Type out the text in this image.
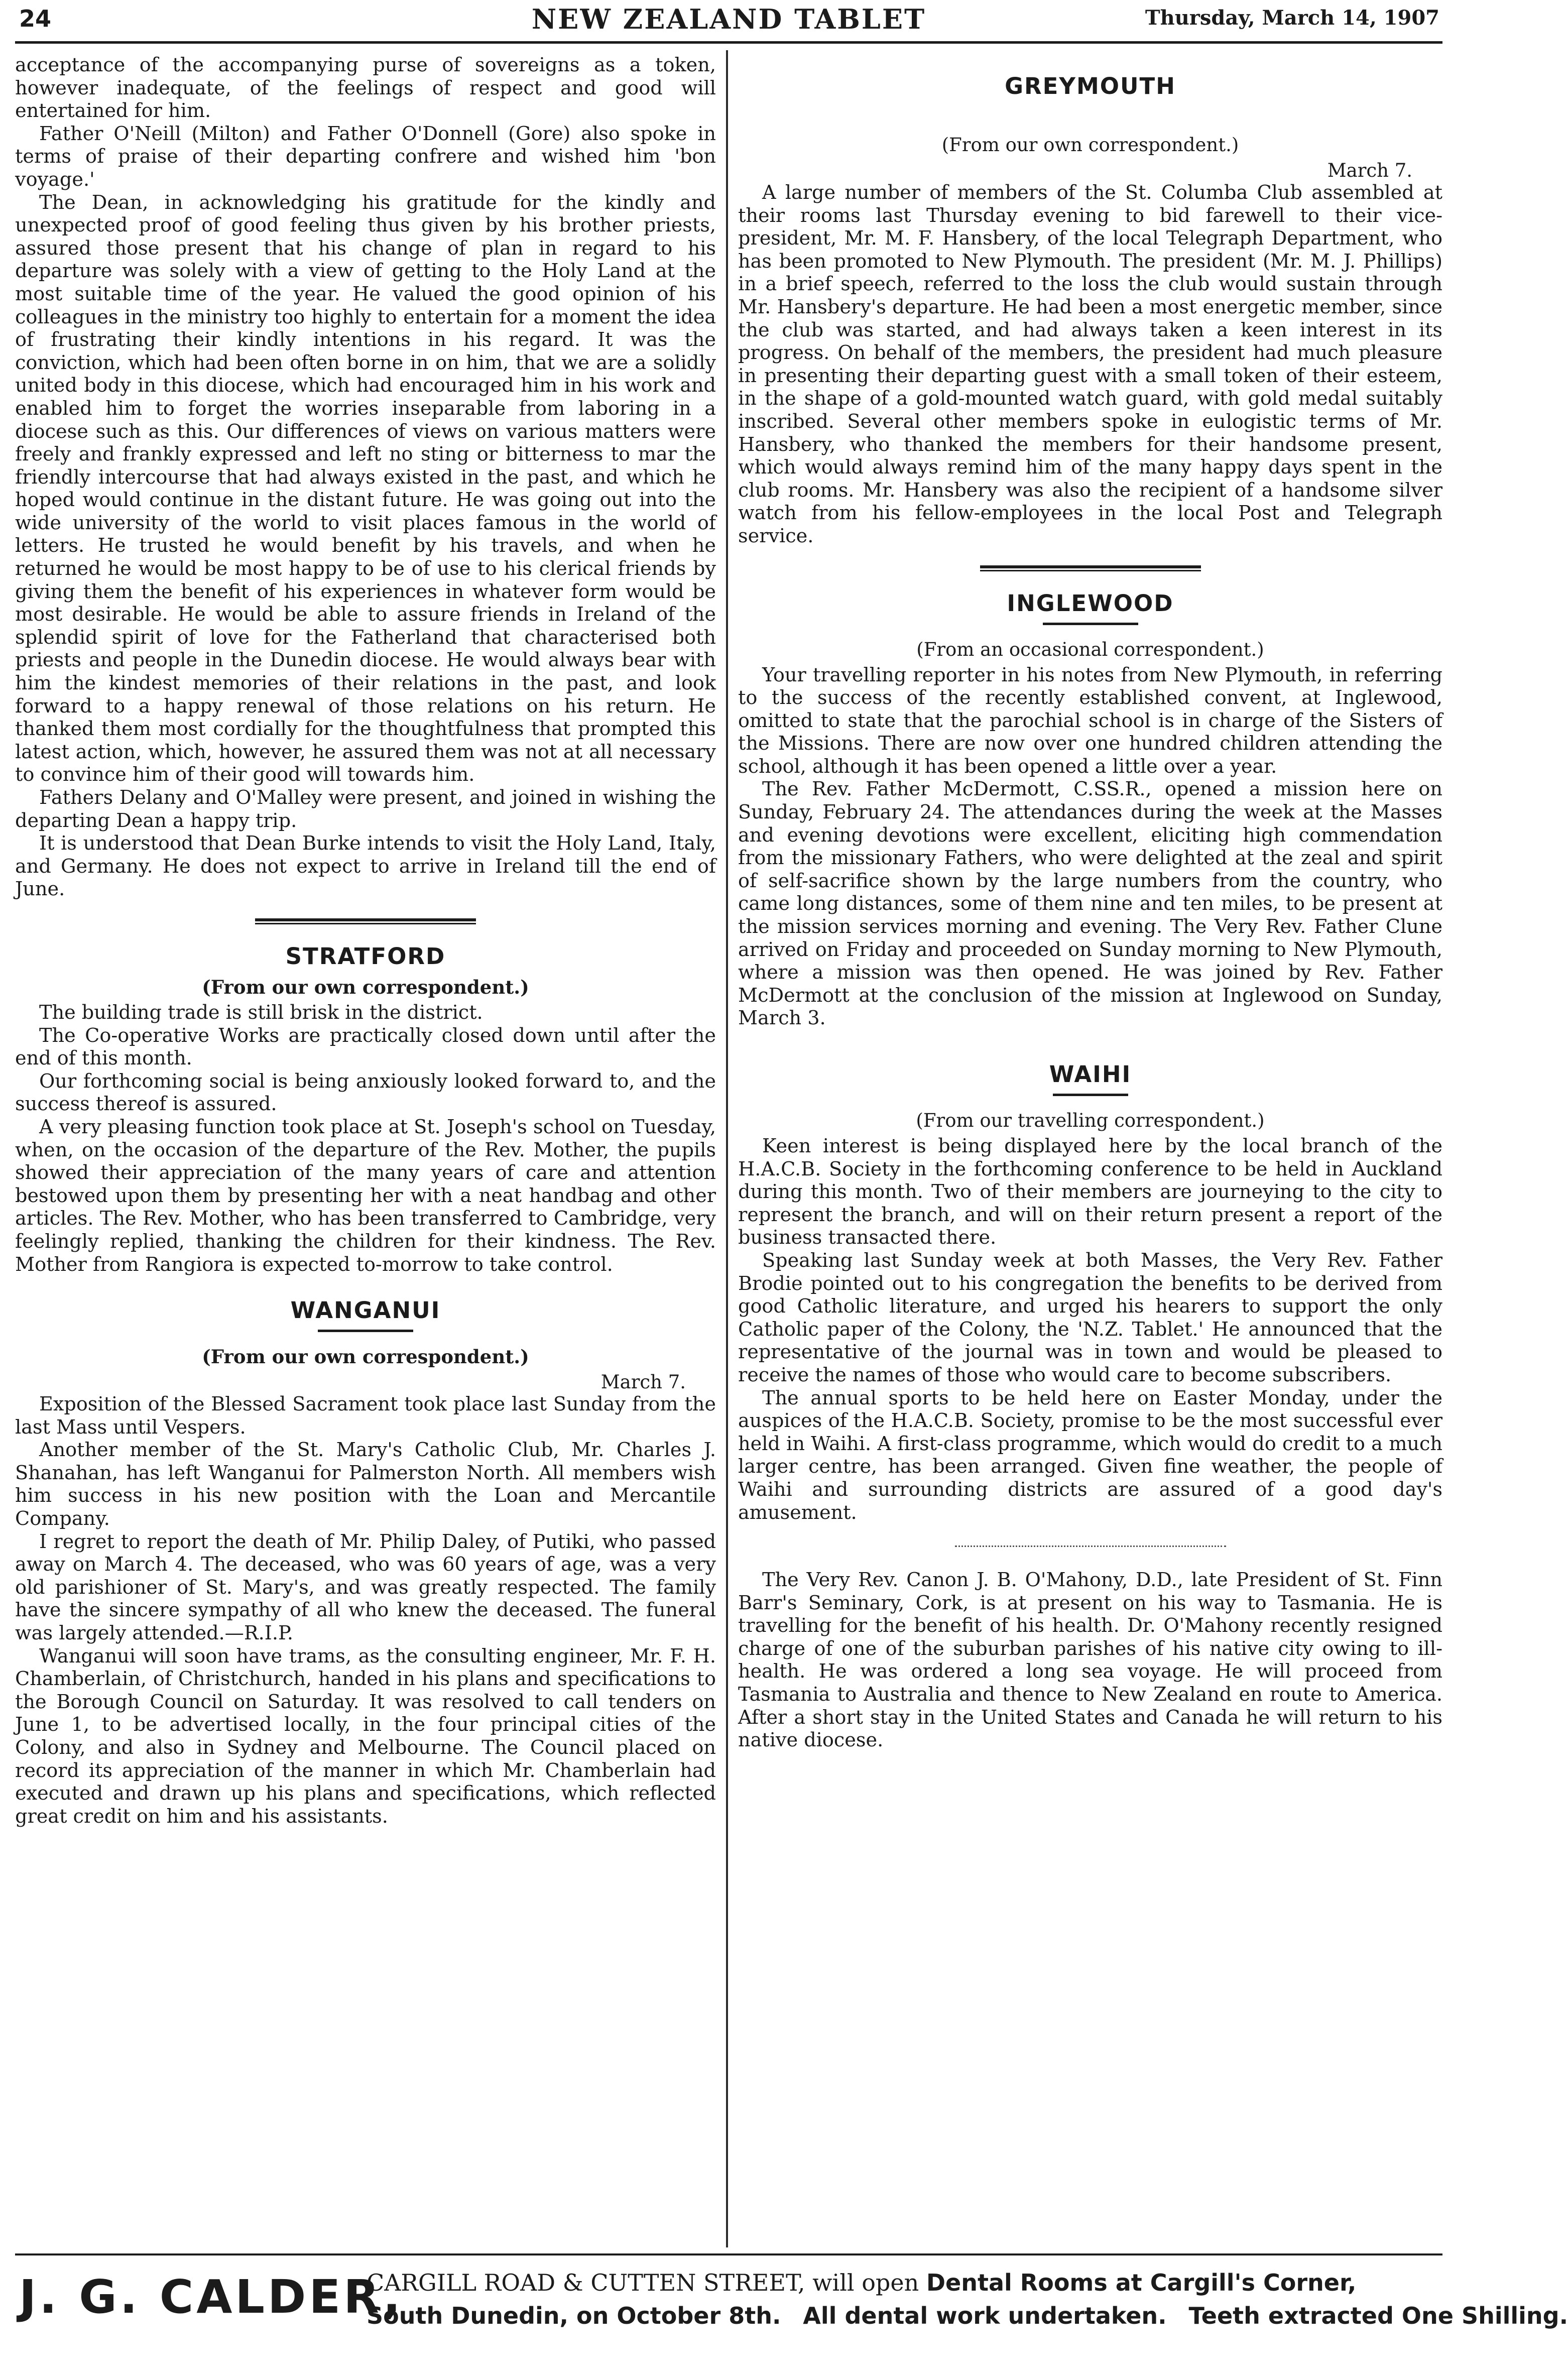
24	NEW ZEALAND TABLET	Thursday, March 14, 1907

acceptance of the accompanying purse of sovereigns as a token, however inadequate, of the feelings of respect and good will entertained for him.

Father O'Neill (Milton) and Father O'Donnell (Gore) also spoke in terms of praise of their departing confrere and wished him 'bon voyage.'

The Dean, in acknowledging his gratitude for the kindly and unexpected proof of good feeling thus given by his brother priests, assured those present that his change of plan in regard to his departure was solely with a view of getting to the Holy Land at the most suitable time of the year. He valued the good opinion of his colleagues in the ministry too highly to entertain for a moment the idea of frustrating their kindly intentions in his regard. It was the conviction, which had been often borne in on him, that we are a solidly united body in this diocese, which had encouraged him in his work and enabled him to forget the worries inseparable from laboring in a diocese such as this. Our differences of views on various matters were freely and frankly expressed and left no sting or bitterness to mar the friendly intercourse that had always existed in the past, and which he hoped would continue in the distant future. He was going out into the wide university of the world to visit places famous in the world of letters. He trusted he would benefit by his travels, and when he returned he would be most happy to be of use to his clerical friends by giving them the benefit of his experiences in whatever form would be most desirable. He would be able to assure friends in Ireland of the splendid spirit of love for the Fatherland that characterised both priests and people in the Dunedin diocese. He would always bear with him the kindest memories of their relations in the past, and look forward to a happy renewal of those relations on his return. He thanked them most cordially for the thoughtfulness that prompted this latest action, which, however, he assured them was not at all necessary to convince him of their good will towards him.

Fathers Delany and O'Malley were present, and joined in wishing the departing Dean a happy trip.

It is understood that Dean Burke intends to visit the Holy Land, Italy, and Germany. He does not expect to arrive in Ireland till the end of June.

STRATFORD
(From our own correspondent.)

The building trade is still brisk in the district.

The Co-operative Works are practically closed down until after the end of this month.

Our forthcoming social is being anxiously looked forward to, and the success thereof is assured.

A very pleasing function took place at St. Joseph's school on Tuesday, when, on the occasion of the departure of the Rev. Mother, the pupils showed their appreciation of the many years of care and attention bestowed upon them by presenting her with a neat handbag and other articles. The Rev. Mother, who has been transferred to Cambridge, very feelingly replied, thanking the children for their kindness. The Rev. Mother from Rangiora is expected to-morrow to take control.

WANGANUI
(From our own correspondent.)
March 7.

Exposition of the Blessed Sacrament took place last Sunday from the last Mass until Vespers.

Another member of the St. Mary's Catholic Club, Mr. Charles J. Shanahan, has left Wanganui for Palmerston North. All members wish him success in his new position with the Loan and Mercantile Company.

I regret to report the death of Mr. Philip Daley, of Putiki, who passed away on March 4. The deceased, who was 60 years of age, was a very old parishioner of St. Mary's, and was greatly respected. The family have the sincere sympathy of all who knew the deceased. The funeral was largely attended.—R.I.P.

Wanganui will soon have trams, as the consulting engineer, Mr. F. H. Chamberlain, of Christchurch, handed in his plans and specifications to the Borough Council on Saturday. It was resolved to call tenders on June 1, to be advertised locally, in the four principal cities of the Colony, and also in Sydney and Melbourne. The Council placed on record its appreciation of the manner in which Mr. Chamberlain had executed and drawn up his plans and specifications, which reflected great credit on him and his assistants.

GREYMOUTH
(From our own correspondent.)
March 7.

A large number of members of the St. Columba Club assembled at their rooms last Thursday evening to bid farewell to their vice-president, Mr. M. F. Hansbery, of the local Telegraph Department, who has been promoted to New Plymouth. The president (Mr. M. J. Phillips) in a brief speech, referred to the loss the club would sustain through Mr. Hansbery's departure. He had been a most energetic member, since the club was started, and had always taken a keen interest in its progress. On behalf of the members, the president had much pleasure in presenting their departing guest with a small token of their esteem, in the shape of a gold-mounted watch guard, with gold medal suitably inscribed. Several other members spoke in eulogistic terms of Mr. Hansbery, who thanked the members for their handsome present, which would always remind him of the many happy days spent in the club rooms. Mr. Hansbery was also the recipient of a handsome silver watch from his fellow-employees in the local Post and Telegraph service.

INGLEWOOD
(From an occasional correspondent.)

Your travelling reporter in his notes from New Plymouth, in referring to the success of the recently established convent, at Inglewood, omitted to state that the parochial school is in charge of the Sisters of the Missions. There are now over one hundred children attending the school, although it has been opened a little over a year.

The Rev. Father McDermott, C.SS.R., opened a mission here on Sunday, February 24. The attendances during the week at the Masses and evening devotions were excellent, eliciting high commendation from the missionary Fathers, who were delighted at the zeal and spirit of self-sacrifice shown by the large numbers from the country, who came long distances, some of them nine and ten miles, to be present at the mission services morning and evening. The Very Rev. Father Clune arrived on Friday and proceeded on Sunday morning to New Plymouth, where a mission was then opened. He was joined by Rev. Father McDermott at the conclusion of the mission at Inglewood on Sunday, March 3.

WAIHI
(From our travelling correspondent.)

Keen interest is being displayed here by the local branch of the H.A.C.B. Society in the forthcoming conference to be held in Auckland during this month. Two of their members are journeying to the city to represent the branch, and will on their return present a report of the business transacted there.

Speaking last Sunday week at both Masses, the Very Rev. Father Brodie pointed out to his congregation the benefits to be derived from good Catholic literature, and urged his hearers to support the only Catholic paper of the Colony, the 'N.Z. Tablet.' He announced that the representative of the journal was in town and would be pleased to receive the names of those who would care to become subscribers.

The annual sports to be held here on Easter Monday, under the auspices of the H.A.C.B. Society, promise to be the most successful ever held in Waihi. A first-class programme, which would do credit to a much larger centre, has been arranged. Given fine weather, the people of Waihi and surrounding districts are assured of a good day's amusement.

The Very Rev. Canon J. B. O'Mahony, D.D., late President of St. Finn Barr's Seminary, Cork, is at present on his way to Tasmania. He is travelling for the benefit of his health. Dr. O'Mahony recently resigned charge of one of the suburban parishes of his native city owing to ill-health. He was ordered a long sea voyage. He will proceed from Tasmania to Australia and thence to New Zealand en route to America. After a short stay in the United States and Canada he will return to his native diocese.

J. G. CALDER,
CARGILL ROAD & CUTTEN STREET, will open Dental Rooms at Cargill's Corner,
South Dunedin, on October 8th. All dental work undertaken. Teeth extracted One Shilling.
